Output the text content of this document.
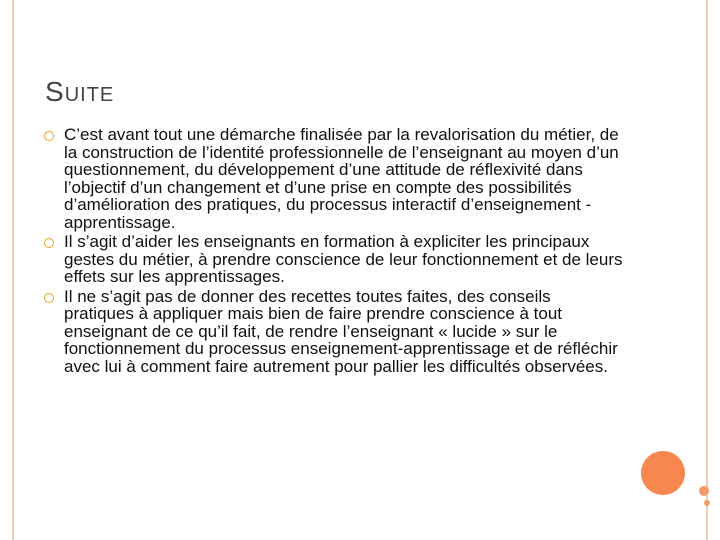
SUITE
C’est avant tout une démarche finalisée par la revalorisation du métier, de la construction de l’identité professionnelle de l’enseignant au moyen d’un questionnement, du développement d’une attitude de réflexivité dans l’objectif d’un changement et d’une prise en compte des possibilités d’amélioration des pratiques, du processus interactif d’enseignement -apprentissage.
Il s’agit d’aider les enseignants en formation à expliciter les principaux gestes du métier, à prendre conscience de leur fonctionnement et de leurs effets sur les apprentissages.
Il ne s’agit pas de donner des recettes toutes faites, des conseils pratiques à appliquer mais bien de faire prendre conscience à tout enseignant de ce qu’il fait, de rendre l’enseignant « lucide » sur le fonctionnement du processus enseignement-apprentissage et de réfléchir avec lui à comment faire autrement pour pallier les difficultés observées.
